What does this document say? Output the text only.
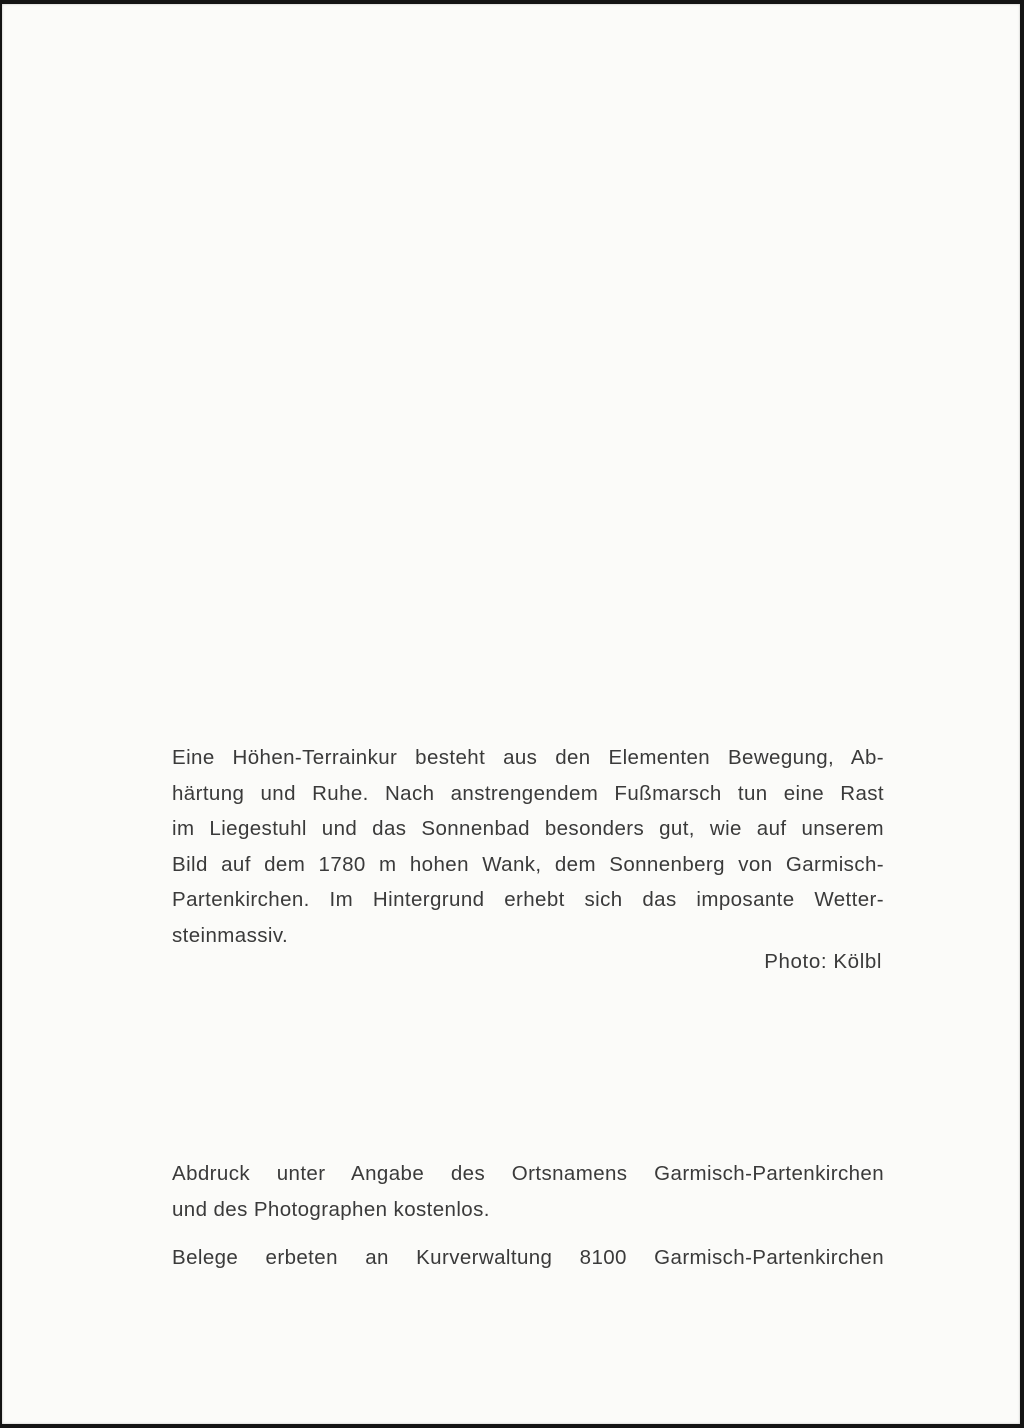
Eine Höhen-Terrainkur besteht aus den Elementen Bewegung, Ab-
härtung und Ruhe. Nach anstrengendem Fußmarsch tun eine Rast
im Liegestuhl und das Sonnenbad besonders gut, wie auf unserem
Bild auf dem 1780 m hohen Wank, dem Sonnenberg von Garmisch-
Partenkirchen. Im Hintergrund erhebt sich das imposante Wetter-
steinmassiv.
Photo: Kölbl
Abdruck unter Angabe des Ortsnamens Garmisch-Partenkirchen
und des Photographen kostenlos.
Belege erbeten an Kurverwaltung 8100 Garmisch-Partenkirchen
